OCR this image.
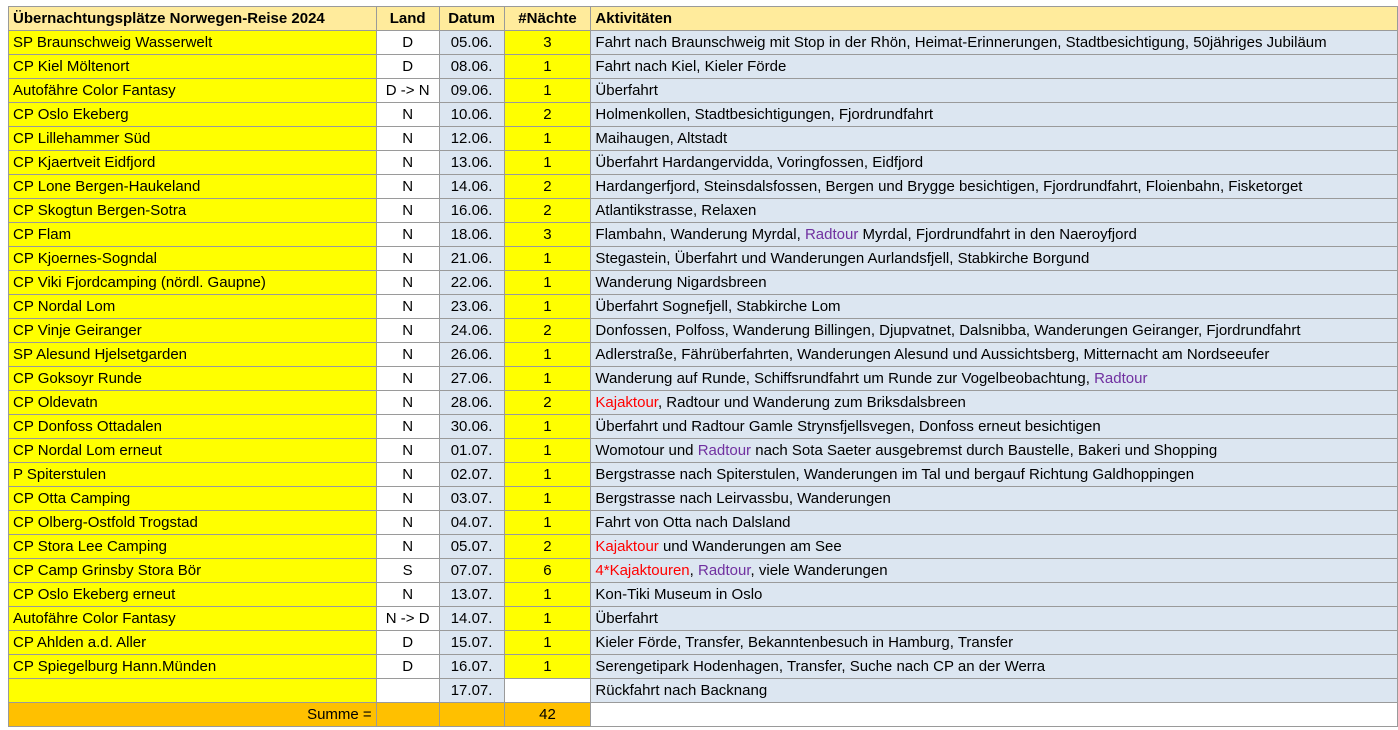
Übernachtungsplätze Norwegen-Reise 2024	Land	Datum	#Nächte	Aktivitäten
SP Braunschweig Wasserwelt	D	05.06.	3	Fahrt nach Braunschweig mit Stop in der Rhön, Heimat-Erinnerungen, Stadtbesichtigung, 50jähriges Jubiläum
CP Kiel Möltenort	D	08.06.	1	Fahrt nach Kiel, Kieler Förde
Autofähre Color Fantasy	D -> N	09.06.	1	Überfahrt
CP Oslo Ekeberg	N	10.06.	2	Holmenkollen, Stadtbesichtigungen, Fjordrundfahrt
CP Lillehammer Süd	N	12.06.	1	Maihaugen, Altstadt
CP Kjaertveit Eidfjord	N	13.06.	1	Überfahrt Hardangervidda, Voringfossen, Eidfjord
CP Lone Bergen-Haukeland	N	14.06.	2	Hardangerfjord, Steinsdalsfossen, Bergen und Brygge besichtigen, Fjordrundfahrt, Floienbahn, Fisketorget
CP Skogtun Bergen-Sotra	N	16.06.	2	Atlantikstrasse, Relaxen
CP Flam	N	18.06.	3	Flambahn, Wanderung Myrdal, Radtour Myrdal, Fjordrundfahrt in den Naeroyfjord
CP Kjoernes-Sogndal	N	21.06.	1	Stegastein, Überfahrt und Wanderungen Aurlandsfjell, Stabkirche Borgund
CP Viki Fjordcamping (nördl. Gaupne)	N	22.06.	1	Wanderung Nigardsbreen
CP Nordal Lom	N	23.06.	1	Überfahrt Sognefjell, Stabkirche Lom
CP Vinje Geiranger	N	24.06.	2	Donfossen, Polfoss, Wanderung Billingen, Djupvatnet, Dalsnibba, Wanderungen Geiranger, Fjordrundfahrt
SP Alesund Hjelsetgarden	N	26.06.	1	Adlerstraße, Fährüberfahrten, Wanderungen Alesund und Aussichtsberg, Mitternacht am Nordseeufer
CP Goksoyr Runde	N	27.06.	1	Wanderung auf Runde, Schiffsrundfahrt um Runde zur Vogelbeobachtung, Radtour
CP Oldevatn	N	28.06.	2	Kajaktour, Radtour und Wanderung zum Briksdalsbreen
CP Donfoss Ottadalen	N	30.06.	1	Überfahrt und Radtour Gamle Strynsfjellsvegen, Donfoss erneut besichtigen
CP Nordal Lom erneut	N	01.07.	1	Womotour und Radtour nach Sota Saeter ausgebremst durch Baustelle, Bakeri und Shopping
P Spiterstulen	N	02.07.	1	Bergstrasse nach Spiterstulen, Wanderungen im Tal und bergauf Richtung Galdhoppingen
CP Otta Camping	N	03.07.	1	Bergstrasse nach Leirvassbu, Wanderungen
CP Olberg-Ostfold Trogstad	N	04.07.	1	Fahrt von Otta nach Dalsland
CP Stora Lee Camping	N	05.07.	2	Kajaktour und Wanderungen am See
CP Camp Grinsby Stora Bör	S	07.07.	6	4*Kajaktouren, Radtour, viele Wanderungen
CP Oslo Ekeberg erneut	N	13.07.	1	Kon-Tiki Museum in Oslo
Autofähre Color Fantasy	N -> D	14.07.	1	Überfahrt
CP Ahlden a.d. Aller	D	15.07.	1	Kieler Förde, Transfer, Bekanntenbesuch in Hamburg, Transfer
CP Spiegelburg Hann.Münden	D	16.07.	1	Serengetipark Hodenhagen, Transfer, Suche nach CP an der Werra
		17.07.		Rückfahrt nach Backnang
Summe =			42	
